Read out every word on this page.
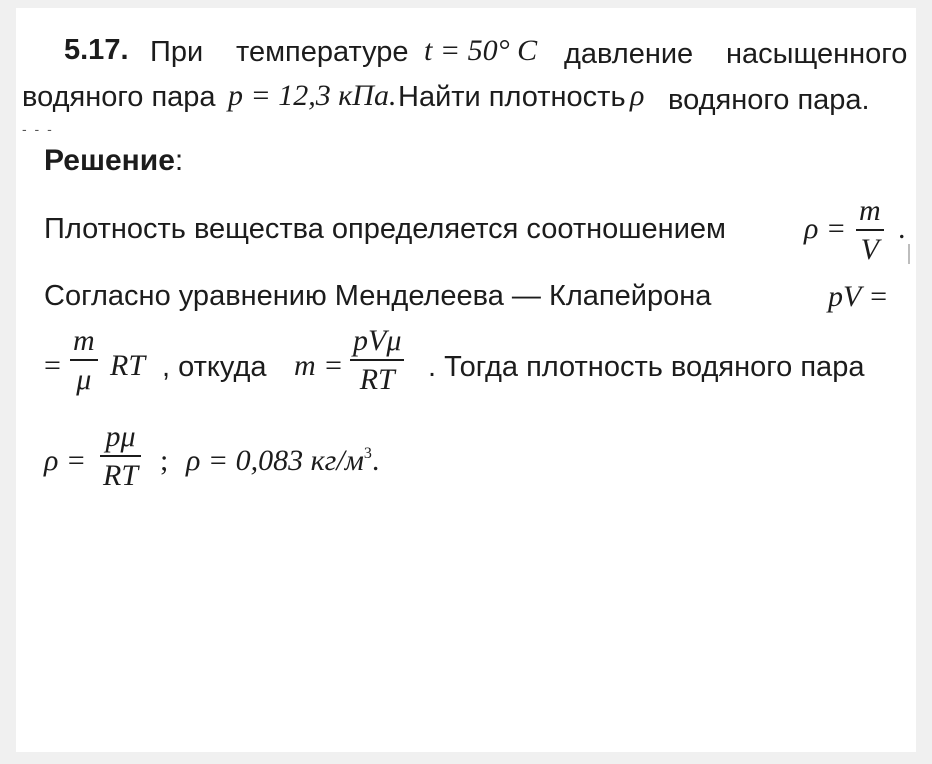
5.17. При температуре t = 50° C давление насыщенного
водяного пара p = 12,3 кПа. Найти плотность ρ водяного пара.
- - -
Решение:
Плотность вещества определяется соотношением	ρ =
m
V
.
Согласно уравнению Менделеева — Клапейрона	pV =
=
m
μ RT , откуда m =
pVμ
RT . Тогда плотность водяного пара
ρ =
pμ
RT ; ρ = 0,083 $кг/м^3$.
